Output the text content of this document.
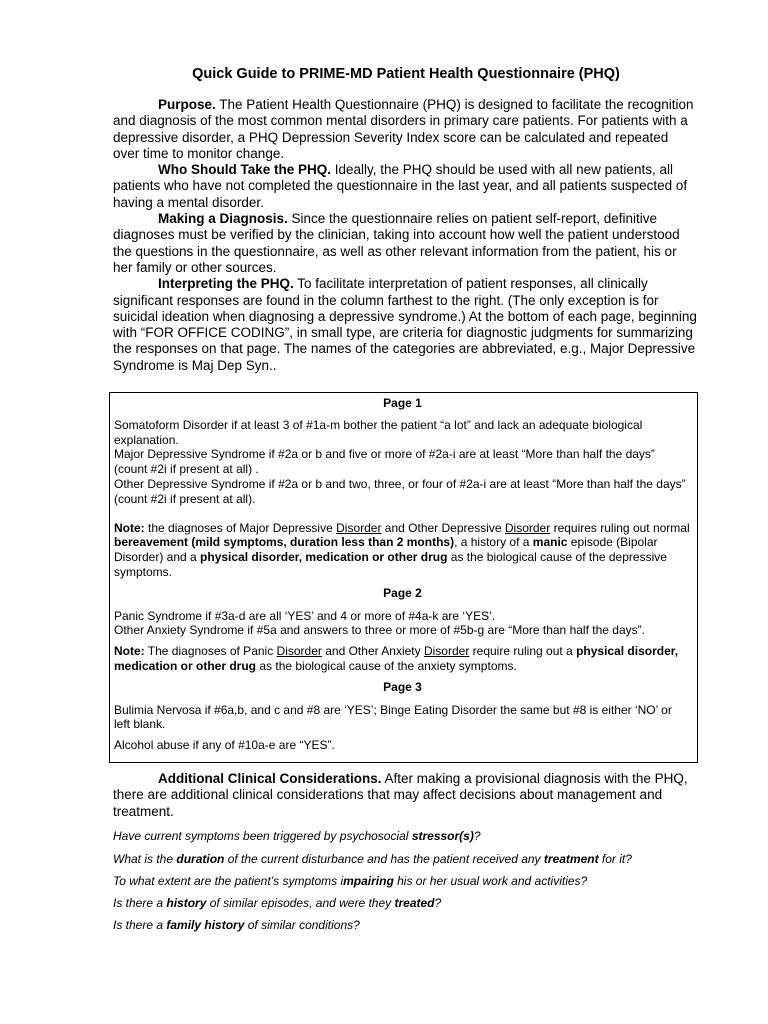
Quick Guide to PRIME-MD Patient Health Questionnaire (PHQ)

Purpose. The Patient Health Questionnaire (PHQ) is designed to facilitate the recognition and diagnosis of the most common mental disorders in primary care patients. For patients with a depressive disorder, a PHQ Depression Severity Index score can be calculated and repeated over time to monitor change.

Who Should Take the PHQ. Ideally, the PHQ should be used with all new patients, all patients who have not completed the questionnaire in the last year, and all patients suspected of having a mental disorder.

Making a Diagnosis. Since the questionnaire relies on patient self-report, definitive diagnoses must be verified by the clinician, taking into account how well the patient understood the questions in the questionnaire, as well as other relevant information from the patient, his or her family or other sources.

Interpreting the PHQ. To facilitate interpretation of patient responses, all clinically significant responses are found in the column farthest to the right. (The only exception is for suicidal ideation when diagnosing a depressive syndrome.) At the bottom of each page, beginning with “FOR OFFICE CODING”, in small type, are criteria for diagnostic judgments for summarizing the responses on that page. The names of the categories are abbreviated, e.g., Major Depressive Syndrome is Maj Dep Syn..

Page 1

Somatoform Disorder if at least 3 of #1a-m bother the patient “a lot” and lack an adequate biological explanation.

Major Depressive Syndrome if #2a or b and five or more of #2a-i are at least “More than half the days” (count #2i if present at all) .

Other Depressive Syndrome if #2a or b and two, three, or four of #2a-i are at least “More than half the days” (count #2i if present at all).

Note: the diagnoses of Major Depressive Disorder and Other Depressive Disorder requires ruling out normal bereavement (mild symptoms, duration less than 2 months), a history of a manic episode (Bipolar Disorder) and a physical disorder, medication or other drug as the biological cause of the depressive symptoms.

Page 2

Panic Syndrome if #3a-d are all ‘YES’ and 4 or more of #4a-k are ‘YES’.

Other Anxiety Syndrome if #5a and answers to three or more of #5b-g are “More than half the days”.

Note: The diagnoses of Panic Disorder and Other Anxiety Disorder require ruling out a physical disorder, medication or other drug as the biological cause of the anxiety symptoms.

Page 3

Bulimia Nervosa if #6a,b, and c and #8 are ‘YES’; Binge Eating Disorder the same but #8 is either ‘NO’ or left blank.

Alcohol abuse if any of #10a-e are “YES”.

Additional Clinical Considerations. After making a provisional diagnosis with the PHQ, there are additional clinical considerations that may affect decisions about management and treatment.

Have current symptoms been triggered by psychosocial stressor(s)?
What is the duration of the current disturbance and has the patient received any treatment for it?
To what extent are the patient’s symptoms impairing his or her usual work and activities?
Is there a history of similar episodes, and were they treated?
Is there a family history of similar conditions?
